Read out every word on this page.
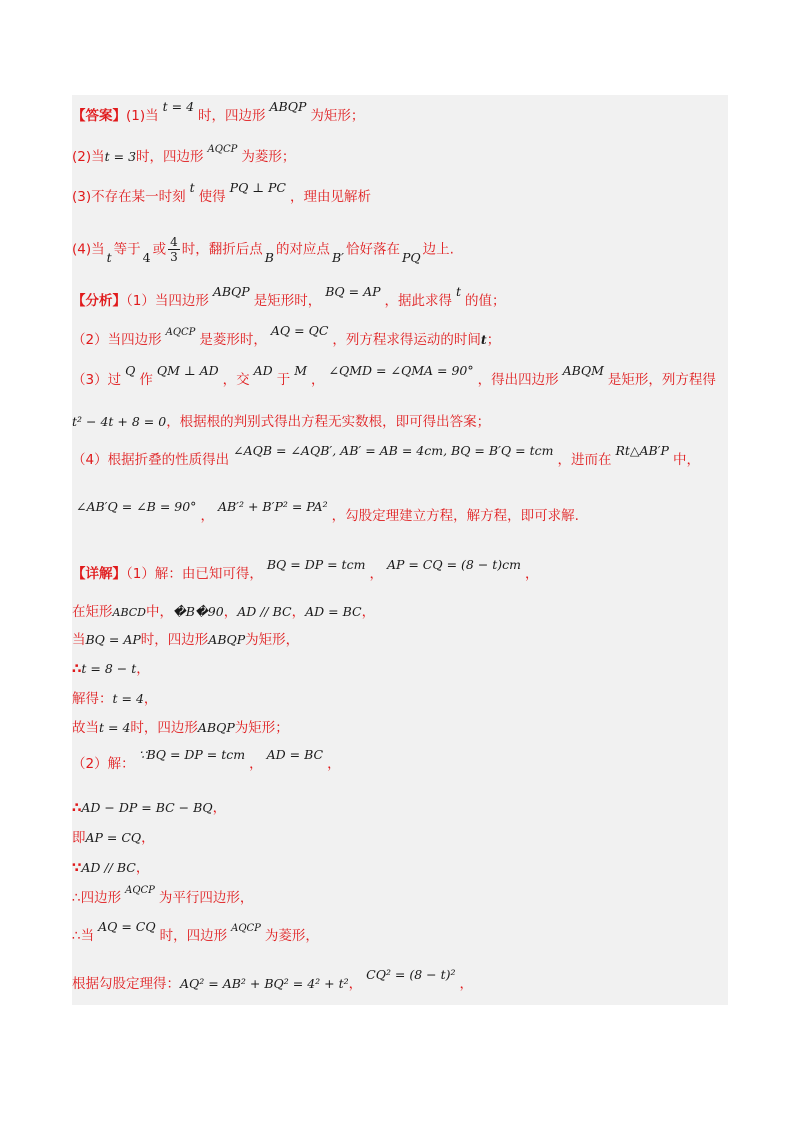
【答案】(1)当t = 4时，四边形ABQP为矩形；
(2)当t = 3时，四边形 $^{AQCP}$ 为菱形；
(3)不存在某一时刻t使得PQ ⊥ PC，理由见解析
(4)当 t 等于 4 或 $\frac{4}{3}$ 时，翻折后点 B 的对应点 B′ 恰好落在 PQ 边上.
【分析】（1）当四边形ABQP是矩形时，BQ = AP，据此求得t的值；
（2）当四边形 $^{AQCP}$ 是菱形时，AQ = QC，列方程求得运动的时间t；
（3）过Q作QM ⊥ AD，交AD于M，∠QMD = ∠QMA = 90°，得出四边形ABQM是矩形，列方程得
t² − 4t + 8 = 0，根据根的判别式得出方程无实数根，即可得出答案；
（4）根据折叠的性质得出∠AQB = ∠AQB′, AB′ = AB = 4cm, BQ = B′Q = tcm，进而在Rt△AB′P中，
∠AB′Q = ∠B = 90°，AB′² + B′P² = PA²，勾股定理建立方程，解方程，即可求解.
【详解】（1）解：由已知可得，BQ = DP = tcm，AP = CQ = (8 − t)cm，
在矩形ABCD中，�B�90，AD // BC，AD = BC，
当BQ = AP时，四边形ABQP为矩形，
∴t = 8 − t，
解得：t = 4，
故当t = 4时，四边形ABQP为矩形；
（2）解：∵BQ = DP = tcm，AD = BC，
∴AD − DP = BC − BQ，
即AP = CQ，
∵AD // BC，
∴四边形 $^{AQCP}$ 为平行四边形，
∴当AQ = CQ时，四边形 $^{AQCP}$ 为菱形，
根据勾股定理得：AQ² = AB² + BQ² = 4² + t²，CQ² = (8 − t)²，
